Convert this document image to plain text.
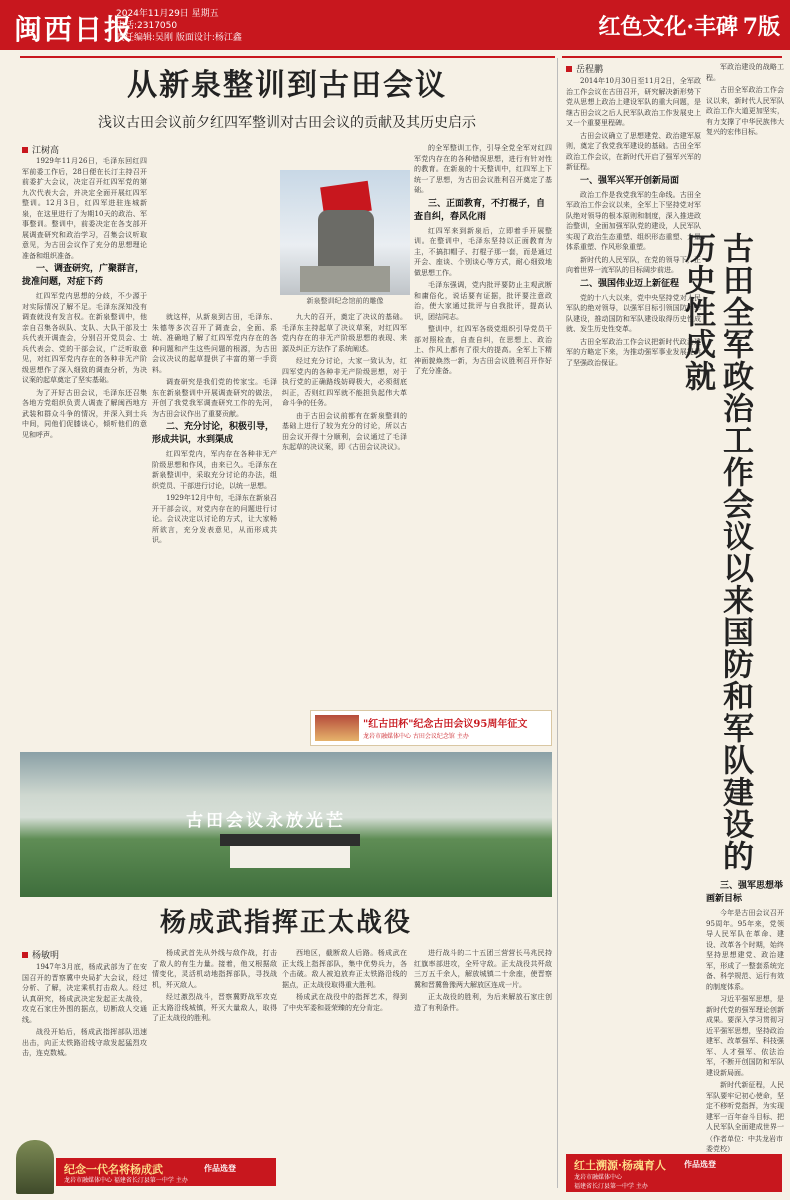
闽西日报
2024年11月29日 星期五
电话:2317050
责任编辑:吴刚 版面设计:杨江鑫	红色文化·丰碑 7版
从新泉整训到古田会议
浅议古田会议前夕红四军整训对古田会议的贡献及其历史启示
江树高

1929年11月26日，毛泽东回红四军前委工作后，28日便在长汀主持召开前委扩大会议，决定召开红四军党的第九次代表大会，并决定全面开展红四军整训。12月3日，红四军进驻连城新泉，在这里进行了为期10天的政治、军事整训。整训中，前委决定在各支部开展调查研究和政治学习，召集会议听取意见，为古田会议作了充分的思想理论准备和组织准备。

一、调查研究，广聚群言，拢准问题，对症下药

红四军党内思想的分歧，不少源于对实际情况了解不足。毛泽东深知没有调查就没有发言权。在新泉整训中，他亲自召集各纵队、支队、大队干部及士兵代表开调查会，分别召开党员会、士兵代表会、党的干部会议，广泛听取意见，对红四军党内存在的各种非无产阶级思想作了深入细致的调查分析，为决议案的起草奠定了坚实基础。

为了开好古田会议，毛泽东还召集各地方党组织负责人调查了解闽西地方武装和群众斗争的情况，并深入到士兵中间，同他们促膝谈心，倾听他们的意见和呼声。

新泉整训纪念馆前的雕像

就这样，从新泉到古田，毛泽东、朱德等多次召开了调查会，全面、系统、准确地了解了红四军党内存在的各种问题和产生这些问题的根源，为古田会议决议的起草提供了丰富的第一手资料。

调查研究是我们党的传家宝。毛泽东在新泉整训中开展调查研究的做法，开创了我党我军调查研究工作的先河，为古田会议作出了重要贡献。

二、充分讨论，积极引导，形成共识，水到渠成

红四军党内，军内存在各种非无产阶级思想和作风，由来已久。毛泽东在新泉整训中，采取充分讨论的办法，组织党员、干部进行讨论，以统一思想。

1929年12月中旬，毛泽东在新泉召开干部会议，对党内存在的问题进行讨论。会议决定以讨论的方式，让大家畅所欲言，充分发表意见，从而形成共识。

九大的召开，奠定了决议的基础。毛泽东主持起草了决议草案，对红四军党内存在的非无产阶级思想的表现、来源及纠正方法作了系统阐述。

经过充分讨论，大家一致认为，红四军党内的各种非无产阶级思想，对于执行党的正确路线妨碍极大，必须彻底纠正，否则红四军就不能担负起伟大革命斗争的任务。

由于古田会议前都有在新泉整训的基础上进行了较为充分的讨论，所以古田会议开得十分顺利，会议通过了毛泽东起草的决议案，即《古田会议决议》。

的全军整训工作，引导全党全军对红四军党内存在的各种错误思想，进行有针对性的教育。在新泉的十天整训中，红四军上下统一了思想，为古田会议胜利召开奠定了基础。

三、正面教育，不打棍子，自查自纠，春风化雨

红四军来到新泉后，立即着手开展整训。在整训中，毛泽东坚持以正面教育为主，不搞扣帽子、打棍子那一套，而是通过开会、座谈、个别谈心等方式，耐心细致地做思想工作。

毛泽东强调，党内批评要防止主观武断和庸俗化，说话要有证据，批评要注意政治，使大家通过批评与自我批评，提高认识，团结同志。

整训中，红四军各级党组织引导党员干部对照检查，自查自纠，在思想上、政治上、作风上都有了很大的提高。全军上下精神面貌焕然一新，为古田会议胜利召开作好了充分准备。

"红古田杯"纪念古田会议95周年征文
龙岩市融媒体中心 古田会议纪念馆 主办
古田会议永放光芒
岳程鹏

2014年10月30日至11月2日，全军政治工作会议在古田召开，研究解决新形势下党从思想上政治上建设军队的重大问题，是继古田会议之后人民军队政治工作发展史上又一个重要里程碑。

古田会议确立了思想建党、政治建军原则，奠定了我党我军建设的基础。古田全军政治工作会议，在新时代开启了强军兴军的新征程。

一、强军兴军开创新局面

政治工作是我党我军的生命线。古田全军政治工作会议以来，全军上下坚持党对军队绝对领导的根本原则和制度，深入推进政治整训，全面加强军队党的建设，人民军队实现了政治生态重塑、组织形态重塑、力量体系重塑、作风形象重塑。

新时代的人民军队，在党的领导下，正向着世界一流军队的目标阔步前进。

二、强国伟业迈上新征程

党的十八大以来，党中央坚持党对人民军队的绝对领导，以强军目标引领国防和军队建设，推动国防和军队建设取得历史性成就、发生历史性变革。

古田全军政治工作会议把新时代政治建军的方略定下来，为推动强军事业发展提供了坚强政治保证。

军政治建设的战略工程。

古田全军政治工作会议以来，新时代人民军队政治工作大道更加坚实，有力支撑了中华民族伟大复兴的宏伟目标。

古田全军政治工作会议以来国防和军队建设的历史性成就

三、强军思想举画新目标

今年是古田会议召开95周年。95年来，党领导人民军队在革命、建设、改革各个时期，始终坚持思想建党、政治建军，形成了一整套系统完备、科学规范、运行有效的制度体系。

习近平强军思想，是新时代党的强军理论创新成果。要深入学习贯彻习近平强军思想，坚持政治建军、改革强军、科技强军、人才强军、依法治军，不断开创国防和军队建设新局面。

新时代新征程，人民军队要牢记初心使命，坚定不移听党指挥，为实现建军一百年奋斗目标、把人民军队全面建成世界一

（作者单位：中共龙岩市委党校）
杨成武指挥正太战役
杨敏明

1947年3月底，杨成武部为了在安国召开的晋察冀中央局扩大会议，经过分析、了解，决定乘机打击敌人。经过认真研究，杨成武决定发起正太战役，攻克石家庄外围的据点，切断敌人交通线。

战役开始后，杨成武指挥部队迅速出击，向正太铁路沿线守敌发起猛烈攻击，连克数城。

杨成武首先从外线与敌作战，打击了敌人的有生力量。接着，他又根据敌情变化，灵活机动地指挥部队，寻找战机，歼灭敌人。

经过激烈战斗，晋察冀野战军攻克正太路沿线城镇，歼灭大量敌人，取得了正太战役的胜利。

西地区，截断敌人后路。杨成武在正太线上指挥部队，集中优势兵力，各个击破。敌人被迫放弃正太铁路沿线的据点，正太战役取得重大胜利。

杨成武在战役中的指挥艺术，得到了中央军委和聂荣臻的充分肯定。

进行战斗的二十五团三营营长马兆民持红旗率部进攻，全歼守敌。正太战役共歼敌三万五千余人，解放城镇二十余座，使晋察冀和晋冀鲁豫两大解放区连成一片。

正太战役的胜利，为后来解放石家庄创造了有利条件。

纪念一代名将杨成武	作品选登
龙岩市融媒体中心 福建省长汀县第一中学 主办
红土溯源·杨魂育人 作品选登
龙岩市融媒体中心
福建省长汀县第一中学 主办
